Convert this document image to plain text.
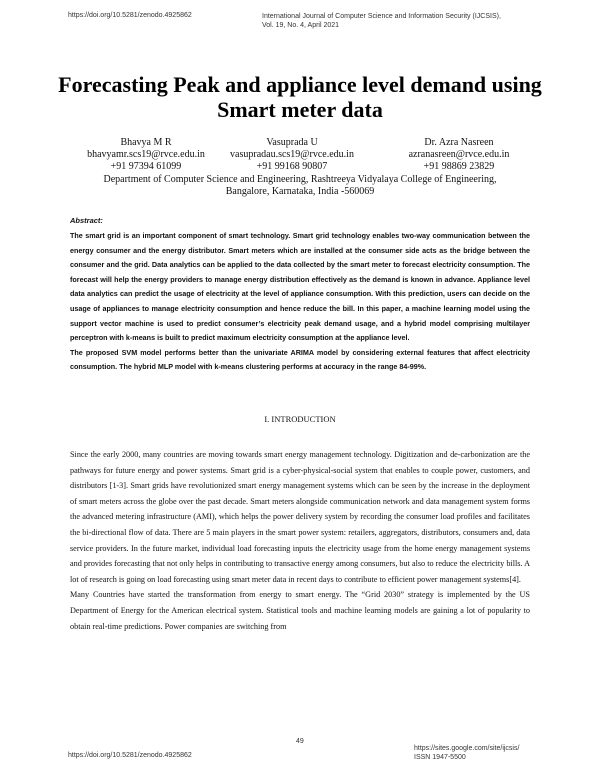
https://doi.org/10.5281/zenodo.4925862	International Journal of Computer Science and Information Security (IJCSIS),
Vol. 19, No. 4, April 2021
Forecasting Peak and appliance level demand using Smart meter data
Bhavya M R
bhavyamr.scs19@rvce.edu.in
+91 97394 61099
Vasupradа U
vasupradau.scs19@rvce.edu.in
+91 99168 90807
Dr. Azra Nasreen
azranasreen@rvce.edu.in
+91 98869 23829
Department of Computer Science and Engineering, Rashtreeya Vidyalaya College of Engineering,
Bangalore, Karnataka, India -560069
Abstract:

The smart grid is an important component of smart technology. Smart grid technology enables two-way communication between the energy consumer and the energy distributor. Smart meters which are installed at the consumer side acts as the bridge between the consumer and the grid. Data analytics can be applied to the data collected by the smart meter to forecast electricity consumption. The forecast will help the energy providers to manage energy distribution effectively as the demand is known in advance. Appliance level data analytics can predict the usage of electricity at the level of appliance consumption. With this prediction, users can decide on the usage of appliances to manage electricity consumption and hence reduce the bill. In this paper, a machine learning model using the support vector machine is used to predict consumer’s electricity peak demand usage, and a hybrid model comprising multilayer perceptron with k-means is built to predict maximum electricity consumption at the appliance level.

The proposed SVM model performs better than the univariate ARIMA model by considering external features that affect electricity consumption. The hybrid MLP model with k-means clustering performs at accuracy in the range 84-99%.

I. INTRODUCTION

Since the early 2000, many countries are moving towards smart energy management technology. Digitization and de-carbonization are the pathways for future energy and power systems. Smart grid is a cyber-physical-social system that enables to couple power, customers, and distributors [1-3]. Smart grids have revolutionized smart energy management systems which can be seen by the increase in the deployment of smart meters across the globe over the past decade. Smart meters alongside communication network and data management system forms the advanced metering infrastructure (AMI), which helps the power delivery system by recording the consumer load profiles and facilitates the bi-directional flow of data. There are 5 main players in the smart power system: retailers, aggregators, distributors, consumers and, data service providers. In the future market, individual load forecasting inputs the electricity usage from the home energy management systems and provides forecasting that not only helps in contributing to transactive energy among consumers, but also to reduce the electricity bills. A lot of research is going on load forecasting using smart meter data in recent days to contribute to efficient power management systems[4].

Many Countries have started the transformation from energy to smart energy. The “Grid 2030” strategy is implemented by the US Department of Energy for the American electrical system. Statistical tools and machine learning models are gaining a lot of popularity to obtain real-time predictions. Power companies are switching from

49
https://doi.org/10.5281/zenodo.4925862
https://sites.google.com/site/ijcsis/
ISSN 1947-5500
